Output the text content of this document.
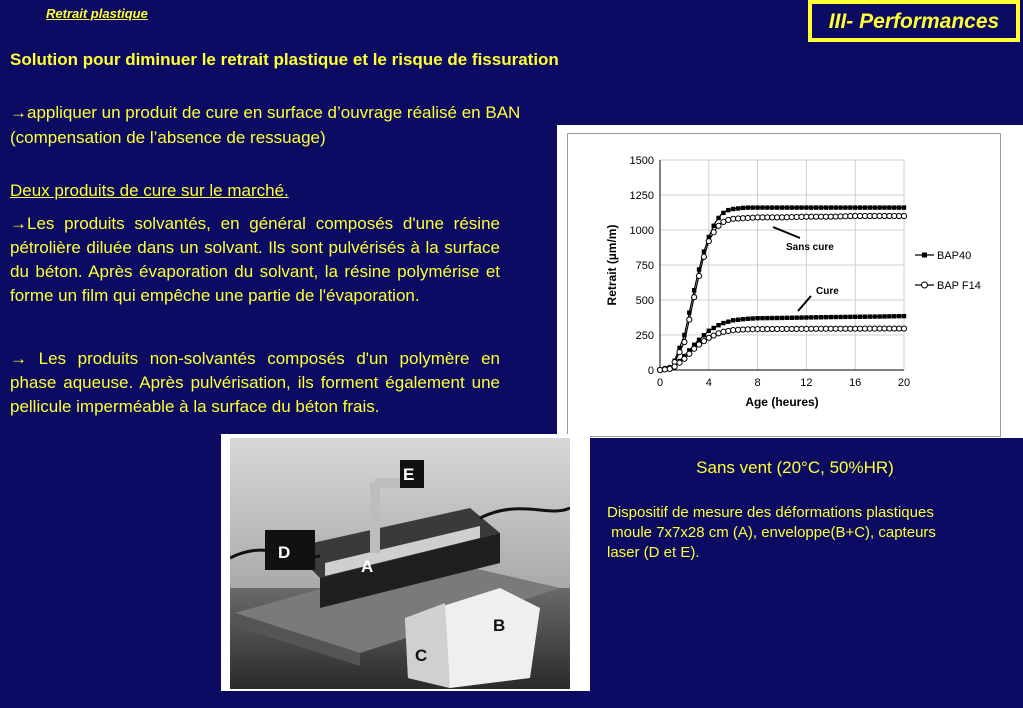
Retrait plastique	III- Performances
Solution pour diminuer le retrait plastique et le risque de fissuration
→appliquer un produit de cure en surface d’ouvrage réalisé en BAN
(compensation de l’absence de ressuage)
Deux produits de cure sur le marché.
→Les produits solvantés, en général composés d'une résine pétrolière diluée dans un solvant. Ils sont pulvérisés à la surface du béton. Après évaporation du solvant, la résine polymérise et forme un film qui empêche une partie de l'évaporation.
→ Les produits non-solvantés composés d'un polymère en phase aqueuse. Après pulvérisation, ils forment également une pellicule imperméable à la surface du béton frais.
0
250
500
750
1000
1250
1500
0	4	8	12	16	20
Age (heures)
Retrait (µm/m)	BAP40
BAP F14
Sans cure
Cure
E
D
A
B
C
Sans vent (20°C, 50%HR)
Dispositif de mesure des déformations plastiques
moule 7x7x28 cm (A), enveloppe(B+C), capteurs
laser (D et E).
